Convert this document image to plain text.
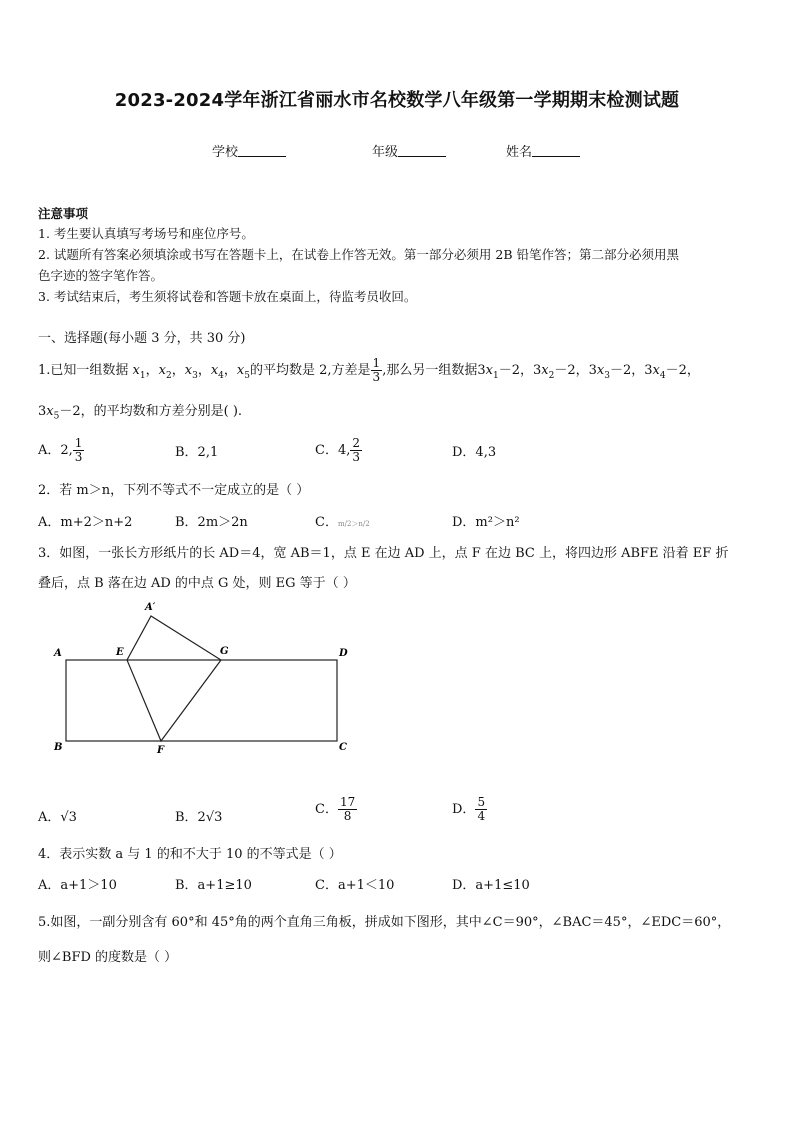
2023-2024学年浙江省丽水市名校数学八年级第一学期期末检测试题
学校	年级	姓名
注意事项
1. 考生要认真填写考场号和座位序号。
2. 试题所有答案必须填涂或书写在答题卡上，在试卷上作答无效。第一部分必须用 2B 铅笔作答；第二部分必须用黑
色字迹的签字笔作答。
3. 考试结束后，考生须将试卷和答题卡放在桌面上，待监考员收回。
一、选择题(每小题 3 分，共 30 分)
1.已知一组数据 $x_1$，$x_2$，$x_3$，$x_4$，$x_5$的平均数是 2,方差是 $\frac{1}{3}$ ,那么另一组数据$3x_1-2$，$3x_2-2$，$3x_3-2$，$3x_4-2$，
$3x_5-2$，的平均数和方差分别是( ).
A．2, $\frac{1}{3}$	B．2,1	C．4, $\frac{2}{3}$	D．4,3
2．若 m＞n，下列不等式不一定成立的是（ ）
A．m+2＞n+2	B．2m＞2n	C．m/2＞n/2	D．m²＞n²
3．如图，一张长方形纸片的长 AD＝4，宽 AB＝1，点 E 在边 AD 上，点 F 在边 BC 上，将四边形 ABFE 沿着 EF 折
叠后，点 B 落在边 AD 的中点 G 处，则 EG 等于（ ）
A	E	G	D
A′
B	F	C
A．√3	B．2√3
C． $\frac{17}{8}$	D． $\frac{5}{4}$
4．表示实数 a 与 1 的和不大于 10 的不等式是（ ）
A．a+1＞10	B．a+1≥10	C．a+1＜10	D．a+1≤10
5.如图，一副分别含有 60°和 45°角的两个直角三角板，拼成如下图形，其中∠C＝90°，∠BAC＝45°，∠EDC＝60°，
则∠BFD 的度数是（ ）
